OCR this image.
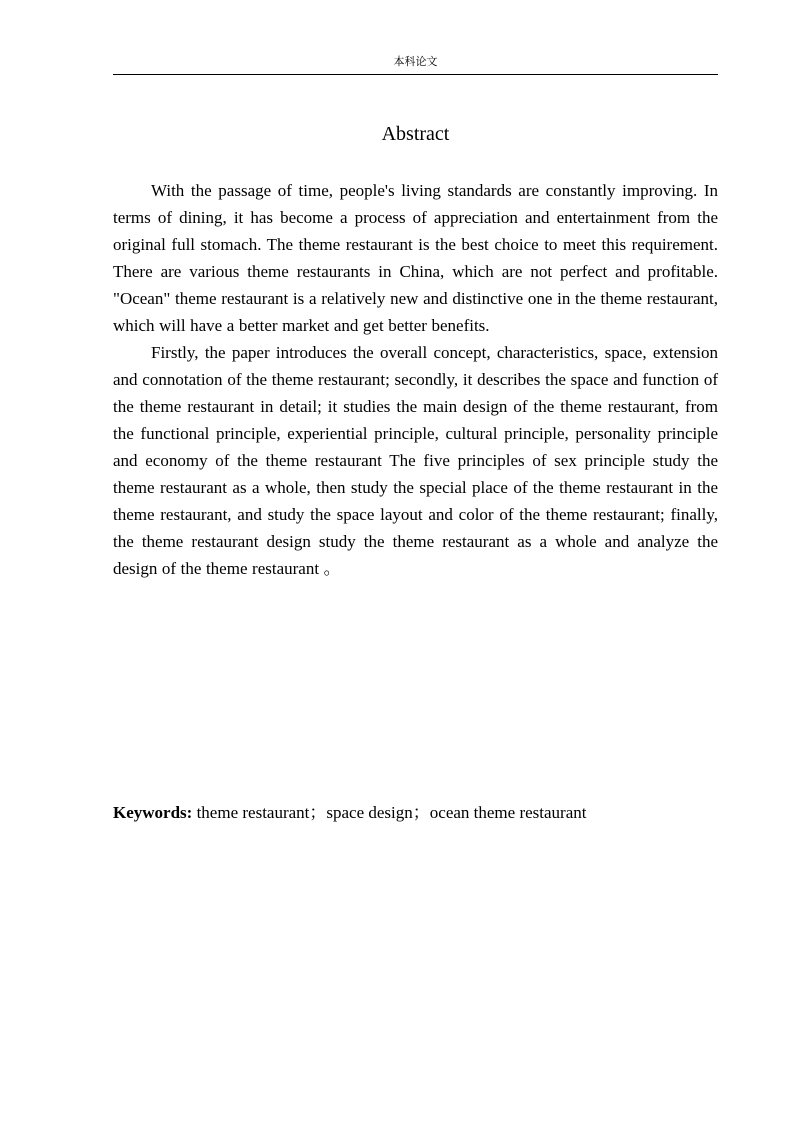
本科论文
Abstract

With the passage of time, people's living standards are constantly improving. In terms of dining, it has become a process of appreciation and entertainment from the original full stomach. The theme restaurant is the best choice to meet this requirement. There are various theme restaurants in China, which are not perfect and profitable. "Ocean" theme restaurant is a relatively new and distinctive one in the theme restaurant, which will have a better market and get better benefits.

Firstly, the paper introduces the overall concept, characteristics, space, extension and connotation of the theme restaurant; secondly, it describes the space and function of the theme restaurant in detail; it studies the main design of the theme restaurant, from the functional principle, experiential principle, cultural principle, personality principle and economy of the theme restaurant The five principles of sex principle study the theme restaurant as a whole, then study the special place of the theme restaurant in the theme restaurant, and study the space layout and color of the theme restaurant; finally, the theme restaurant design study the theme restaurant as a whole and analyze the design of the theme restaurant 。

Keywords: theme restaurant；space design；ocean theme restaurant
